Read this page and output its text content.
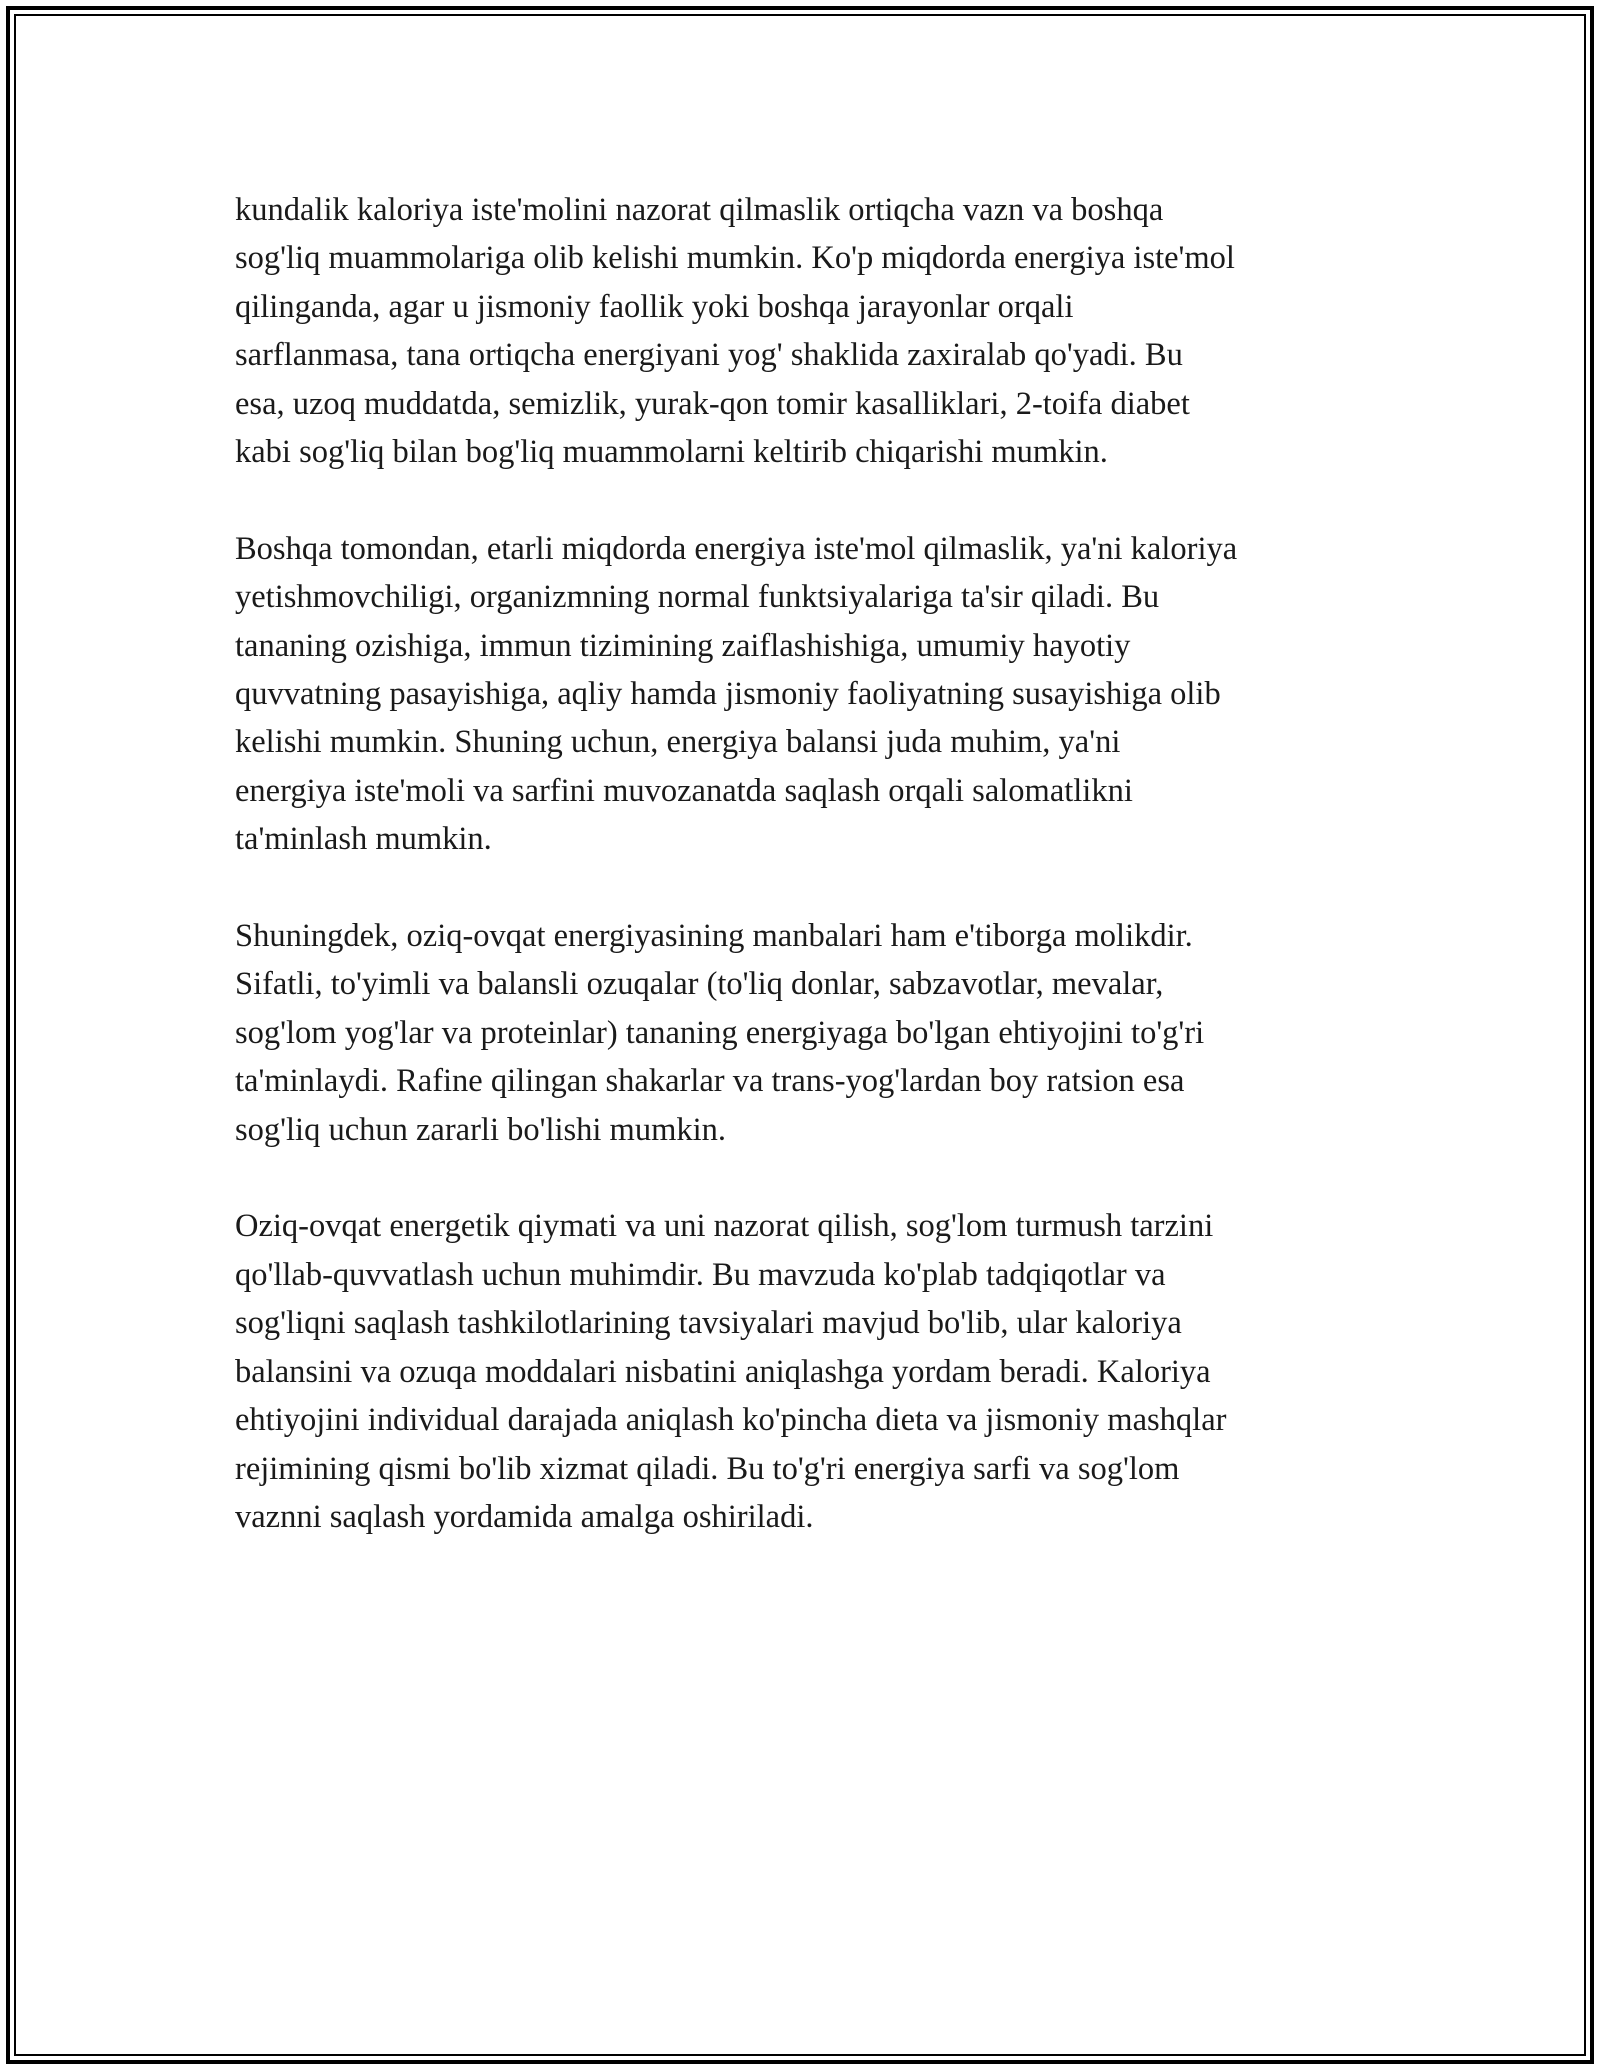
kundalik kaloriya iste'molini nazorat qilmaslik ortiqcha vazn va boshqa
sog'liq muammolariga olib kelishi mumkin. Ko'p miqdorda energiya iste'mol
qilinganda, agar u jismoniy faollik yoki boshqa jarayonlar orqali
sarflanmasa, tana ortiqcha energiyani yog' shaklida zaxiralab qo'yadi. Bu
esa, uzoq muddatda, semizlik, yurak-qon tomir kasalliklari, 2-toifa diabet
kabi sog'liq bilan bog'liq muammolarni keltirib chiqarishi mumkin.

Boshqa tomondan, etarli miqdorda energiya iste'mol qilmaslik, ya'ni kaloriya
yetishmovchiligi, organizmning normal funktsiyalariga ta'sir qiladi. Bu
tananing ozishiga, immun tizimining zaiflashishiga, umumiy hayotiy
quvvatning pasayishiga, aqliy hamda jismoniy faoliyatning susayishiga olib
kelishi mumkin. Shuning uchun, energiya balansi juda muhim, ya'ni
energiya iste'moli va sarfini muvozanatda saqlash orqali salomatlikni
ta'minlash mumkin.

Shuningdek, oziq-ovqat energiyasining manbalari ham e'tiborga molikdir.
Sifatli, to'yimli va balansli ozuqalar (to'liq donlar, sabzavotlar, mevalar,
sog'lom yog'lar va proteinlar) tananing energiyaga bo'lgan ehtiyojini to'g'ri
ta'minlaydi. Rafine qilingan shakarlar va trans-yog'lardan boy ratsion esa
sog'liq uchun zararli bo'lishi mumkin.

Oziq-ovqat energetik qiymati va uni nazorat qilish, sog'lom turmush tarzini
qo'llab-quvvatlash uchun muhimdir. Bu mavzuda ko'plab tadqiqotlar va
sog'liqni saqlash tashkilotlarining tavsiyalari mavjud bo'lib, ular kaloriya
balansini va ozuqa moddalari nisbatini aniqlashga yordam beradi. Kaloriya
ehtiyojini individual darajada aniqlash ko'pincha dieta va jismoniy mashqlar
rejimining qismi bo'lib xizmat qiladi. Bu to'g'ri energiya sarfi va sog'lom
vaznni saqlash yordamida amalga oshiriladi.
